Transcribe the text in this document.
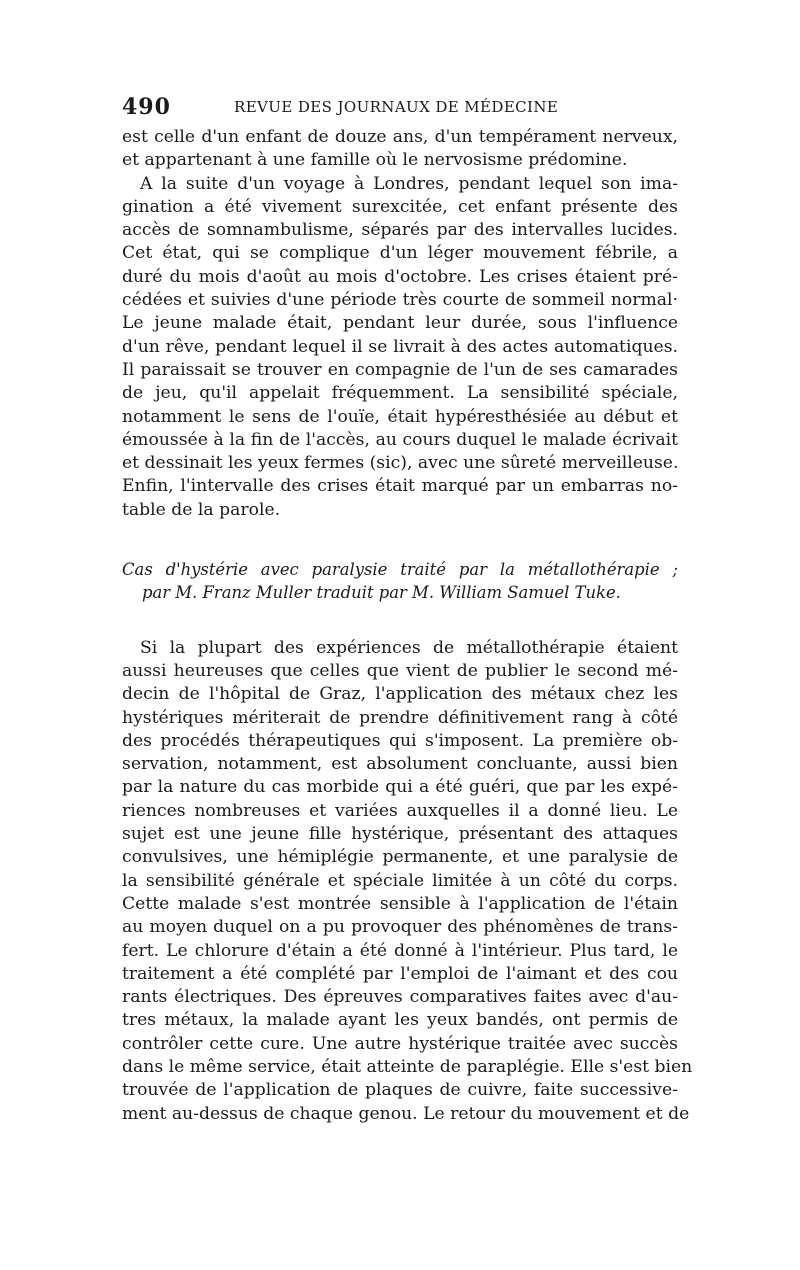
490	REVUE DES JOURNAUX DE MÉDECINE
est celle d'un enfant de douze ans, d'un tempérament nerveux,
et appartenant à une famille où le nervosisme prédomine.
A la suite d'un voyage à Londres, pendant lequel son ima-
gination a été vivement surexcitée, cet enfant présente des
accès de somnambulisme, séparés par des intervalles lucides.
Cet état, qui se complique d'un léger mouvement fébrile, a
duré du mois d'août au mois d'octobre. Les crises étaient pré-
cédées et suivies d'une période très courte de sommeil normal·
Le jeune malade était, pendant leur durée, sous l'influence
d'un rêve, pendant lequel il se livrait à des actes automatiques.
Il paraissait se trouver en compagnie de l'un de ses camarades
de jeu, qu'il appelait fréquemment. La sensibilité spéciale,
notamment le sens de l'ouïe, était hypéresthésiée au début et
émoussée à la fin de l'accès, au cours duquel le malade écrivait
et dessinait les yeux fermes (sic), avec une sûreté merveilleuse.
Enfin, l'intervalle des crises était marqué par un embarras no-
table de la parole.
Cas d'hystérie avec paralysie traité par la métallothérapie ;
par M. Franz Muller traduit par M. William Samuel Tuke.
Si la plupart des expériences de métallothérapie étaient
aussi heureuses que celles que vient de publier le second mé-
decin de l'hôpital de Graz, l'application des métaux chez les
hystériques mériterait de prendre définitivement rang à côté
des procédés thérapeutiques qui s'imposent. La première ob-
servation, notamment, est absolument concluante, aussi bien
par la nature du cas morbide qui a été guéri, que par les expé-
riences nombreuses et variées auxquelles il a donné lieu. Le
sujet est une jeune fille hystérique, présentant des attaques
convulsives, une hémiplégie permanente, et une paralysie de
la sensibilité générale et spéciale limitée à un côté du corps.
Cette malade s'est montrée sensible à l'application de l'étain
au moyen duquel on a pu provoquer des phénomènes de trans-
fert. Le chlorure d'étain a été donné à l'intérieur. Plus tard, le
traitement a été complété par l'emploi de l'aimant et des cou
rants électriques. Des épreuves comparatives faites avec d'au-
tres métaux, la malade ayant les yeux bandés, ont permis de
contrôler cette cure. Une autre hystérique traitée avec succès
dans le même service, était atteinte de paraplégie. Elle s'est bien
trouvée de l'application de plaques de cuivre, faite successive-
ment au-dessus de chaque genou. Le retour du mouvement et de
